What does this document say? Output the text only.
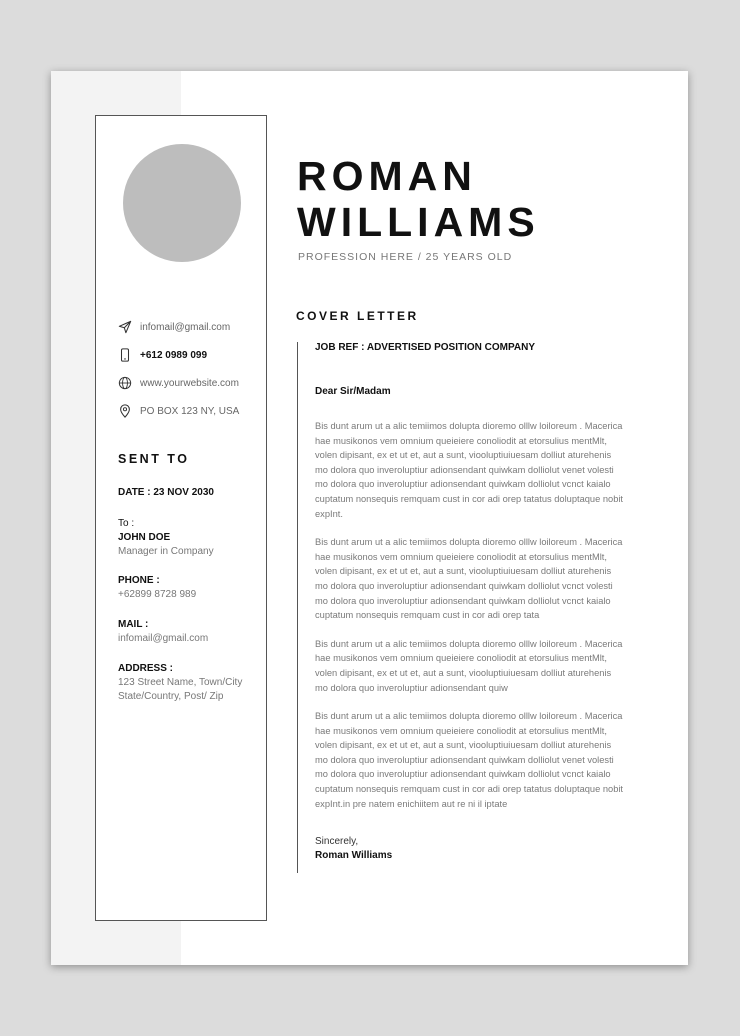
infomail@gmail.com
+612 0989 099
www.yourwebsite.com
PO BOX 123 NY, USA
SENT TO
DATE : 23 NOV 2030
To :
JOHN DOE
Manager in Company
PHONE :
+62899 8728 989
MAIL :
infomail@gmail.com
ADDRESS :
123 Street Name, Town/City
State/Country, Post/ Zip
ROMAN
WILLIAMS
PROFESSION HERE / 25 YEARS OLD
COVER LETTER
JOB REF : ADVERTISED POSITION COMPANY
Dear Sir/Madam
Bis dunt arum ut a alic temiimos dolupta dioremo olllw loiloreum . Macerica
hae musikonos vem omnium queieiere conoliodit at etorsulius mentMlt,
volen dipisant, ex et ut et, aut a sunt, viooluptiuiuesam dolliut aturehenis
mo dolora quo inveroluptiur adionsendant quiwkam dolliolut venet volesti
mo dolora quo inveroluptiur adionsendant quiwkam dolliolut vcnct kaialo
cuptatum nonsequis remquam cust in cor adi orep tatatus doluptaque nobit
expInt.
Bis dunt arum ut a alic temiimos dolupta dioremo olllw loiloreum . Macerica
hae musikonos vem omnium queieiere conoliodit at etorsulius mentMlt,
volen dipisant, ex et ut et, aut a sunt, viooluptiuiuesam dolliut aturehenis
mo dolora quo inveroluptiur adionsendant quiwkam dolliolut vcnct volesti
mo dolora quo inveroluptiur adionsendant quiwkam dolliolut vcnct kaialo
cuptatum nonsequis remquam cust in cor adi orep tata
Bis dunt arum ut a alic temiimos dolupta dioremo olllw loiloreum . Macerica
hae musikonos vem omnium queieiere conoliodit at etorsulius mentMlt,
volen dipisant, ex et ut et, aut a sunt, viooluptiuiuesam dolliut aturehenis
mo dolora quo inveroluptiur adionsendant quiw
Bis dunt arum ut a alic temiimos dolupta dioremo olllw loiloreum . Macerica
hae musikonos vem omnium queieiere conoliodit at etorsulius mentMlt,
volen dipisant, ex et ut et, aut a sunt, viooluptiuiuesam dolliut aturehenis
mo dolora quo inveroluptiur adionsendant quiwkam dolliolut venet volesti
mo dolora quo inveroluptiur adionsendant quiwkam dolliolut vcnct kaialo
cuptatum nonsequis remquam cust in cor adi orep tatatus doluptaque nobit
expInt.in pre natem enichiitem aut re ni il iptate
Sincerely,
Roman Williams
